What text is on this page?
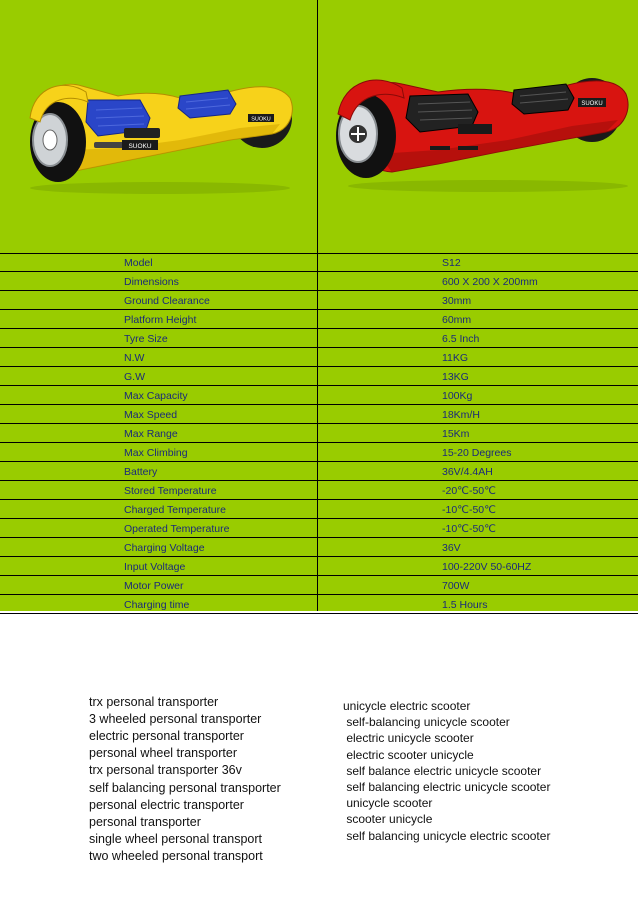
SUOKU
SUOKU
SUOKU
Model	S12
Dimensions	600 X 200 X 200mm
Ground Clearance	30mm
Platform Height	60mm
Tyre Size	6.5 Inch
N.W	11KG
G.W	13KG
Max Capacity	100Kg
Max Speed	18Km/H
Max Range	15Km
Max Climbing	15-20 Degrees
Battery	36V/4.4AH
Stored Temperature	-20℃-50℃
Charged Temperature	-10℃-50℃
Operated Temperature	-10℃-50℃
Charging Voltage	36V
Input Voltage	100-220V 50-60HZ
Motor Power	700W
Charging time	1.5 Hours
trx personal transporter
3 wheeled personal transporter
electric personal transporter
personal wheel transporter
trx personal transporter 36v
self balancing personal transporter
personal electric transporter
personal transporter
single wheel personal transport
two wheeled personal transport
unicycle electric scooter
self-balancing unicycle scooter
electric unicycle scooter
electric scooter unicycle
self balance electric unicycle scooter
self balancing electric unicycle scooter
unicycle scooter
scooter unicycle
self balancing unicycle electric scooter
